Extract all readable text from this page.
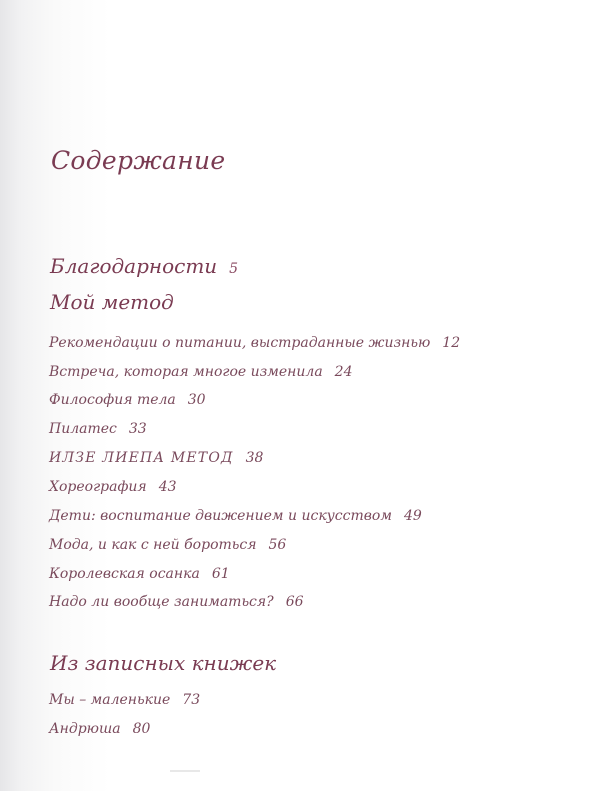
Содержание
Благодарности 5
Мой метод
Рекомендации о питании, выстраданные жизнью 12
Встреча, которая многое изменила 24
Философия тела 30
Пилатес 33
ИЛЗЕ ЛИЕПА МЕТОД 38
Хореография 43
Дети: воспитание движением и искусством 49
Мода, и как с ней бороться 56
Королевская осанка 61
Надо ли вообще заниматься? 66
Из записных книжек
Мы – маленькие 73
Андрюша 80
